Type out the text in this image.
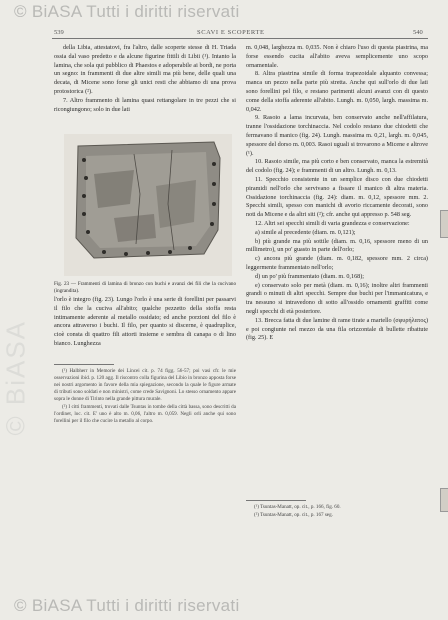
© BiASA Tutti i diritti riservati
© BiASA
539	SCAVI E SCOPERTE	540

della Libia, attestatovi, fra l'altro, dalle scoperte stesse di H. Triada ossia dal vaso predetto e da alcune figurine fittili di Libii (¹). Intanto la lamina, che sola qui pubblico di Phaestos e adoperabile ai bordi, ne porta un segno: in frammenti di due altre simili ma più bene, delle quali una decata, di Micene sono forse gli unici resti che abbiamo di una prova protostorica (²).

7. Altro frammento di lamina quasi rettangolare in tre pezzi che si ricongiungono; solo in due lati

Fig. 23 — Frammenti di lamina di bronzo con buchi e avanzi dei fili che la cucivano (ingrandita).

l'orlo è integro (fig. 23). Lungo l'orlo è una serie di forellini per passarvi il filo che la cuciva all'abito; qualche pezzetto della stoffa resta intimamente aderente al metallo ossidato; ed anche porzioni del filo è ancora attraverso i buchi. Il filo, per quanto si discerne, è quadruplice, cioè consta di quattro fili attorti insieme e sembra di canapa o di lino bianco. Lunghezza

(¹) Halbherr in Memorie dei Lincei cit. p. 74 figg. 56-57; poi vasi cfr. le mie osservazioni ibid. p. 120 agg. Il riscontro colla figurina del Libio in bronzo apposta forse nei nostri argomento in favore della mia spiegazione, secondo la quale le figure armate di tributi sono soldati e non ministri, come crede Savignoni. Lo stesso ornamento appare sopra le donne di Tirinto nella grande pittura murale.

(²) I citti frammenti, trovati dalle Tsuntas in tombe della città bassa, sono descritti da l'ordinet, loc. cit. E' uno è alto m. 0,06, l'altro m. 0,059. Negli orli anche qui sono forellini per il filo che cucire la metallo al corpo.

m. 0,048, larghezza m. 0,035. Non è chiaro l'uso di questa piastrina, ma forse essendo cucita all'abito aveva semplicemente uno scopo ornamentale.

8. Altra piastrina simile di forma trapezoidale alquanto convessa; manca un pezzo nella parte più stretta. Anche qui sull'orlo di due lati sono forellini pel filo, e restano parimenti alcuni avanzi con di questo come della stoffa aderente all'abito. Lungh. m. 0,050, largh. massima m. 0,042.

9. Rasoio a lama incurvata, ben conservato anche nell'affilatura, tranne l'ossidazione torchinaccia. Nel codolo restano due chiodetti che fermavano il manico (fig. 24). Lungh. massima m. 0,21, largh. m. 0,045, spessore del dorso m. 0,003. Rasoi uguali si trovarono a Micene e altrove (¹).

10. Rasoio simile, ma più corto e ben conservato, manca la estremità del codolo (fig. 24); e frammenti di un altro. Lungh. m. 0,13.

11. Specchio consistente in un semplice disco con due chiodetti piramidi nell'orlo che servivano a fissare il manico di altra materia. Ossidazione torchinaccia (fig. 24): diam. m. 0,12, spessore mm. 2. Specchi simili, spesso con manichi di avorio riccamente decorati, sono noti da Micene e da altri siti (²); cfr. anche qui appresso p. 548 seg.

12. Altri sei specchi simili di varia grandezza e conservazione:

a) simile al precedente (diam. m. 0,121);

b) più grande ma più sottile (diam. m. 0,16, spessore meno di un millimetro), un po' guasto in parte dell'orlo;

c) ancora più grande (diam. m. 0,182, spessore mm. 2 circa) leggermente frammentato nell'orlo;

d) un po' più frammentato (diam. m. 0,168);

e) conservato solo per metà (diam. m. 0,16); inoltre altri frammenti grandi o minuti di altri specchi. Sempre due buchi per l'immanicatura, e tra nessuno si intravedono di sotto all'ossido ornamenti graffiti come negli specchi di età posteriore.

13. Brecca fatta di due lamine di rame tirate a martello (σφυρήλατος) e poi congiunte nel mezzo da una fila orizzontale di bullette ribattute (fig. 25). E

(¹) Tsuntas-Manatt, op. cit., p. 166, fig. 60.

(²) Tsuntas-Manatt, op. cit., p. 167 seg.

© BiASA Tutti i diritti riservati
